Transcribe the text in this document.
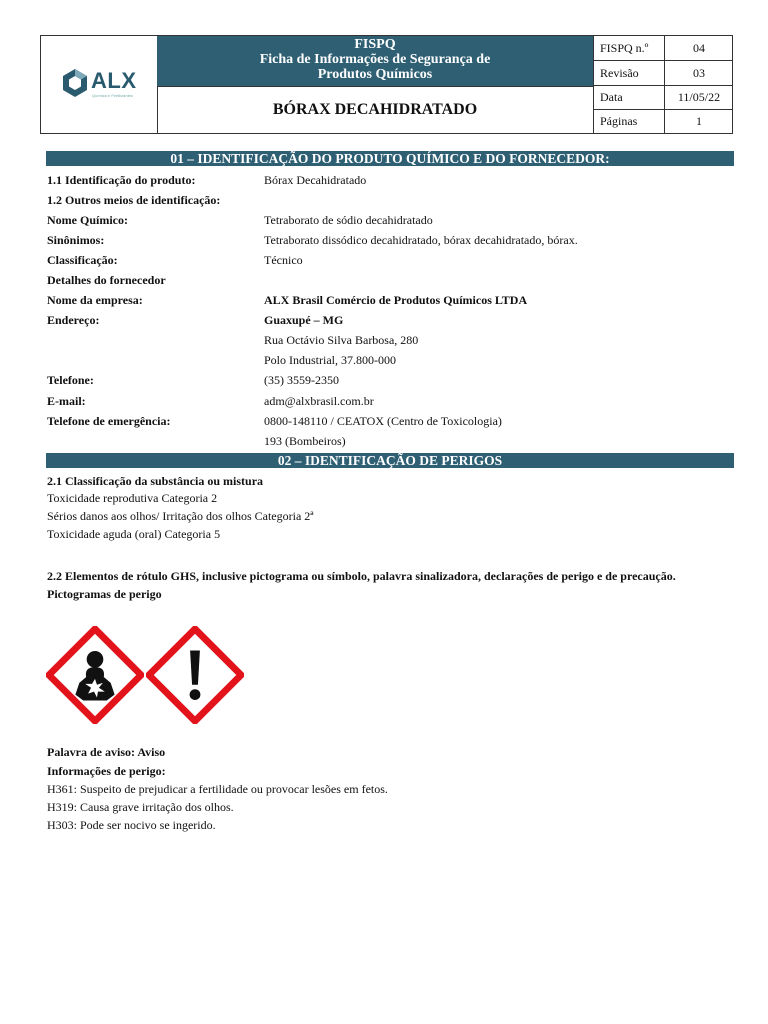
ALX
Química e Fertilizantes
FISPQ
Ficha de Informações de Segurança de
Produtos Químicos
BÓRAX DECAHIDRATADO
FISPQ n.º	04
Revisão	03
Data	11/05/22
Páginas	1
01 – IDENTIFICAÇÃO DO PRODUTO QUÍMICO E DO FORNECEDOR:
1.1 Identificação do produto:	Bórax Decahidratado
1.2 Outros meios de identificação:
Nome Químico:	Tetraborato de sódio decahidratado
Sinônimos:	Tetraborato dissódico decahidratado, bórax decahidratado, bórax.
Classificação:	Técnico
Detalhes do fornecedor
Nome da empresa:	ALX Brasil Comércio de Produtos Químicos LTDA
Endereço:	Guaxupé – MG
Rua Octávio Silva Barbosa, 280
Polo Industrial, 37.800-000
Telefone:	(35) 3559-2350
E-mail:	adm@alxbrasil.com.br
Telefone de emergência:	0800-148110 / CEATOX (Centro de Toxicologia)
193 (Bombeiros)
02 – IDENTIFICAÇÃO DE PERIGOS
2.1 Classificação da substância ou mistura
Toxicidade reprodutiva Categoria 2
Sérios danos aos olhos/ Irritação dos olhos Categoria 2ª
Toxicidade aguda (oral) Categoria 5
2.2 Elementos de rótulo GHS, inclusive pictograma ou símbolo, palavra sinalizadora, declarações de perigo e de precaução.
Pictogramas de perigo
Palavra de aviso: Aviso
Informações de perigo:
H361: Suspeito de prejudicar a fertilidade ou provocar lesões em fetos.
H319: Causa grave irritação dos olhos.
H303: Pode ser nocivo se ingerido.
